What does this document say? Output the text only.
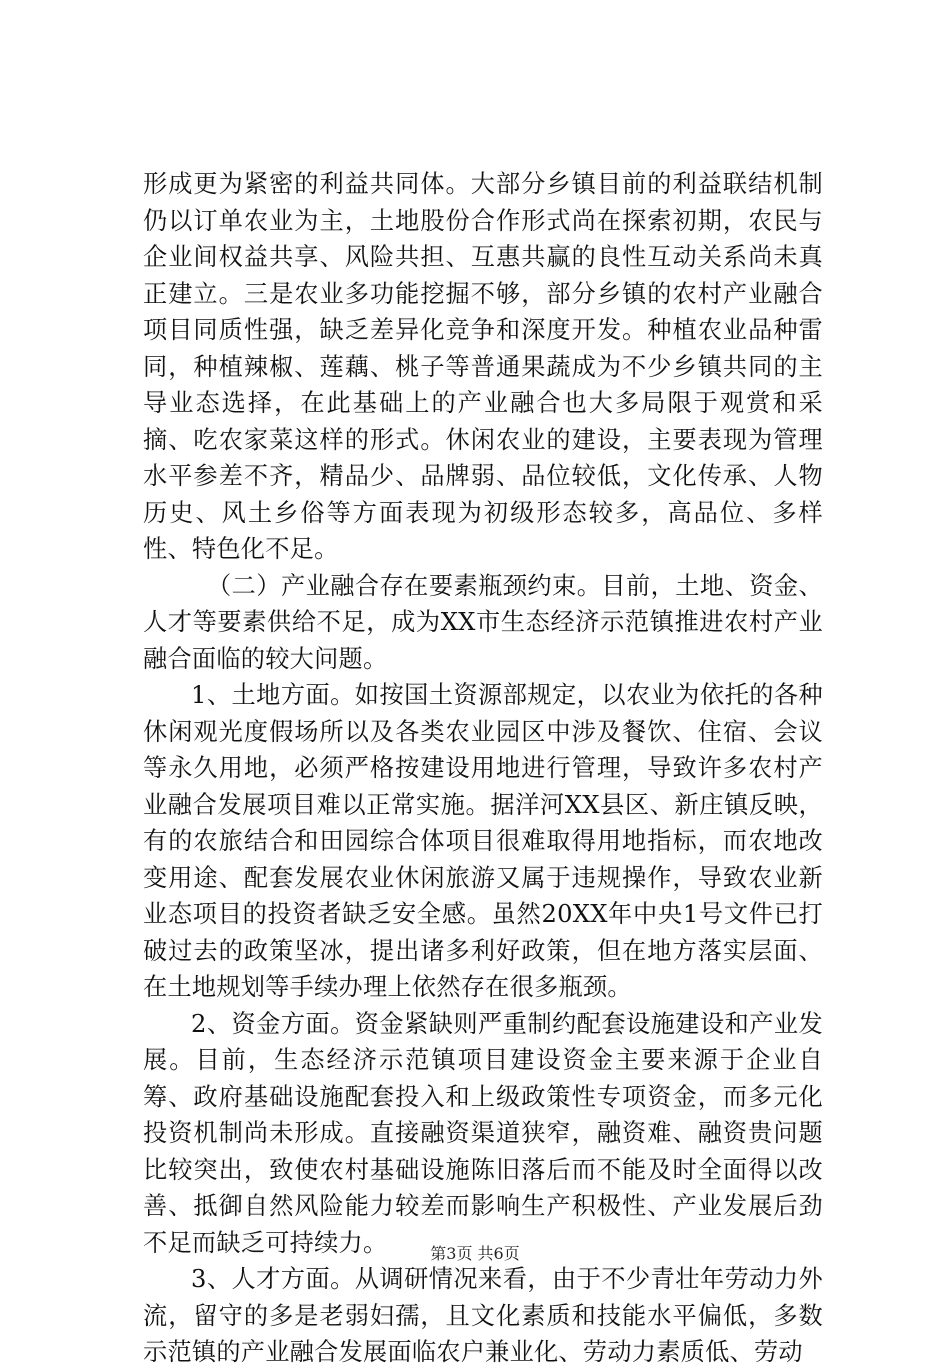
形成更为紧密的利益共同体。大部分乡镇目前的利益联结机制仍以订单农业为主，土地股份合作形式尚在探索初期，农民与企业间权益共享、风险共担、互惠共赢的良性互动关系尚未真正建立。三是农业多功能挖掘不够，部分乡镇的农村产业融合项目同质性强，缺乏差异化竞争和深度开发。种植农业品种雷同，种植辣椒、莲藕、桃子等普通果蔬成为不少乡镇共同的主导业态选择，在此基础上的产业融合也大多局限于观赏和采摘、吃农家菜这样的形式。休闲农业的建设，主要表现为管理水平参差不齐，精品少、品牌弱、品位较低，文化传承、人物历史、风土乡俗等方面表现为初级形态较多，高品位、多样性、特色化不足。

（二）产业融合存在要素瓶颈约束。目前，土地、资金、人才等要素供给不足，成为XX市生态经济示范镇推进农村产业融合面临的较大问题。

1、土地方面。如按国土资源部规定，以农业为依托的各种休闲观光度假场所以及各类农业园区中涉及餐饮、住宿、会议等永久用地，必须严格按建设用地进行管理，导致许多农村产业融合发展项目难以正常实施。据洋河XX县区、新庄镇反映，有的农旅结合和田园综合体项目很难取得用地指标，而农地改变用途、配套发展农业休闲旅游又属于违规操作，导致农业新业态项目的投资者缺乏安全感。虽然20XX年中央1号文件已打破过去的政策坚冰，提出诸多利好政策，但在地方落实层面、在土地规划等手续办理上依然存在很多瓶颈。

2、资金方面。资金紧缺则严重制约配套设施建设和产业发展。目前，生态经济示范镇项目建设资金主要来源于企业自筹、政府基础设施配套投入和上级政策性专项资金，而多元化投资机制尚未形成。直接融资渠道狭窄，融资难、融资贵问题比较突出，致使农村基础设施陈旧落后而不能及时全面得以改善、抵御自然风险能力较差而影响生产积极性、产业发展后劲不足而缺乏可持续力。

3、人才方面。从调研情况来看，由于不少青壮年劳动力外流，留守的多是老弱妇孺，且文化素质和技能水平偏低，多数示范镇的产业融合发展面临农户兼业化、劳动力素质低、劳动

第3页 共6页
